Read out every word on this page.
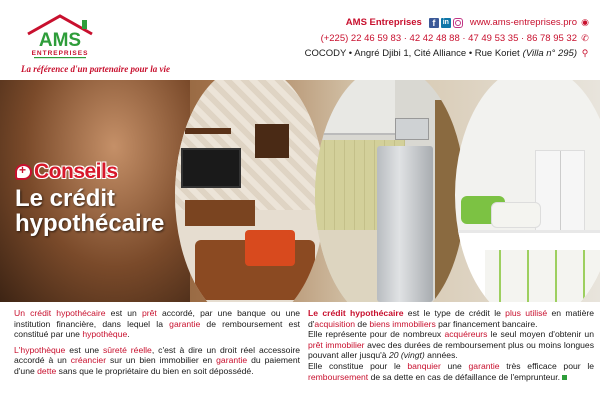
AMS
ENTREPRISES
La référence d'un partenaire pour la vie
AMS Entreprises	f	in www.ams-entreprises.pro ◉
(+225) 22 46 59 83 · 42 42 48 88 · 47 49 53 35 · 86 78 95 32 ✆
COCODY • Angré Djibi 1, Cité Alliance • Rue Koriet (Villa n° 295) ⚲
+
Conseils
Le crédit
hypothécaire

Un crédit hypothécaire est un prêt accordé, par une banque ou une institution financière, dans lequel la garantie de remboursement est constitué par une hypothèque.

L'hypothèque est une sûreté réelle, c'est à dire un droit réel accessoire accordé à un créancier sur un bien immobilier en garantie du paiement d'une dette sans que le propriétaire du bien en soit dépossédé.

Le crédit hypothécaire est le type de crédit le plus utilisé en matière d'acquisition de biens immobiliers par financement bancaire.

Elle représente pour de nombreux acquéreurs le seul moyen d'obtenir un prêt immobilier avec des durées de remboursement plus ou moins longues pouvant aller jusqu'à 20 (vingt) années.

Elle constitue pour le banquier une garantie très efficace pour le remboursement de sa dette en cas de défaillance de l'emprunteur.
